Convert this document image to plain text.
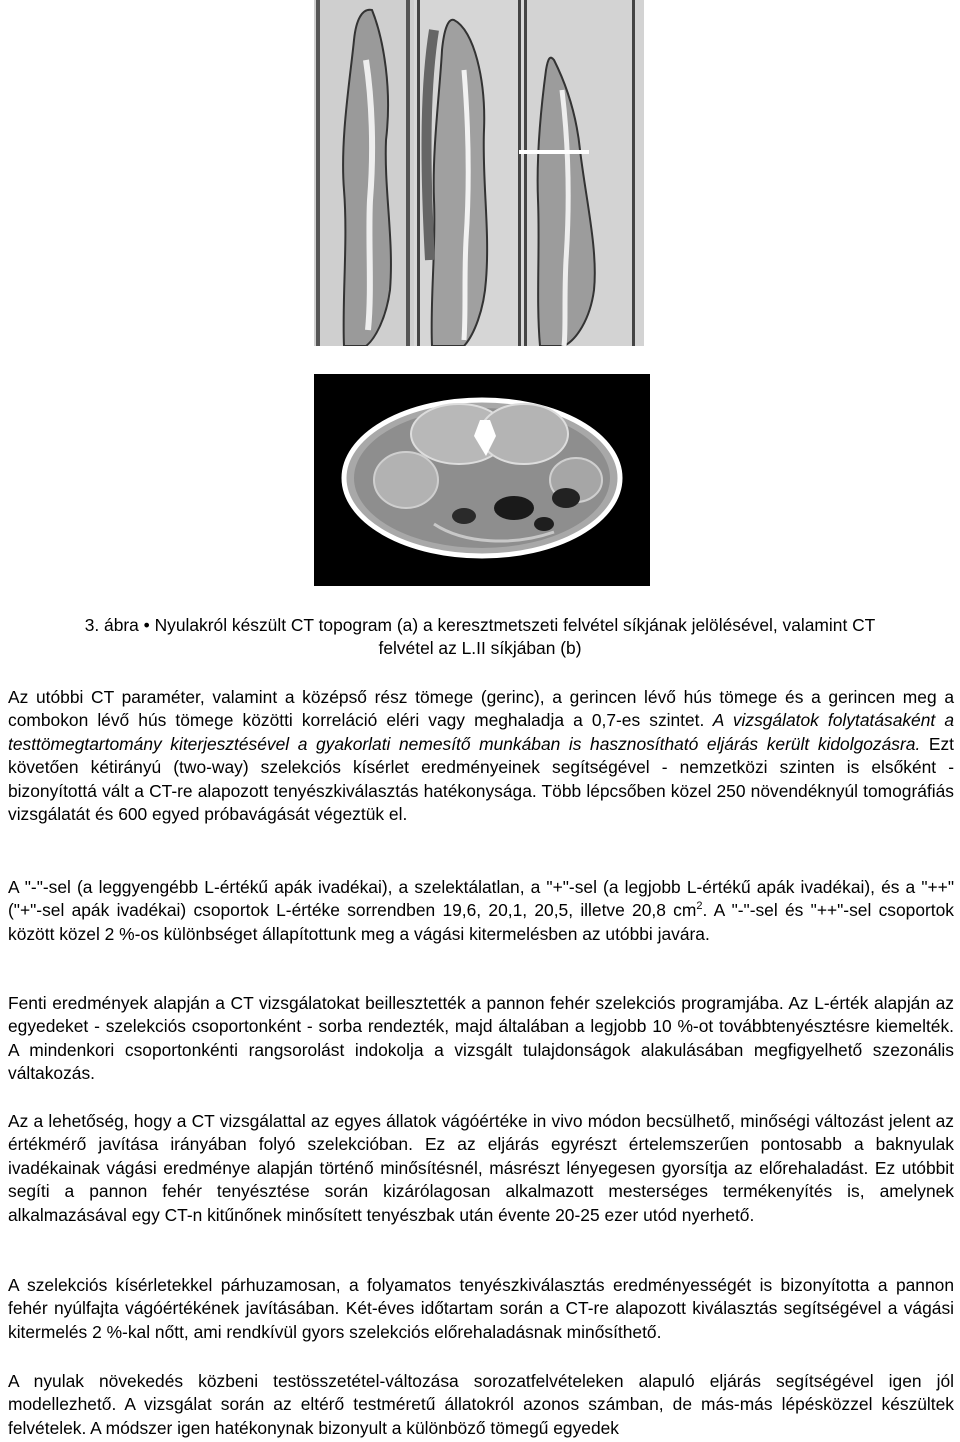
3. ábra • Nyulakról készült CT topogram (a) a keresztmetszeti felvétel síkjának jelölésével, valamint CT
felvétel az L.II síkjában (b)

Az utóbbi CT paraméter, valamint a középső rész tömege (gerinc), a gerincen lévő hús tömege és a gerincen meg a combokon lévő hús tömege közötti korreláció eléri vagy meghaladja a 0,7-es szintet. A vizsgálatok folytatásaként a testtömegtartomány kiterjesztésével a gyakorlati nemesítő munkában is hasznosítható eljárás került kidolgozásra. Ezt követően kétirányú (two-way) szelekciós kísérlet eredményeinek segítségével - nemzetközi szinten is elsőként - bizonyítottá vált a CT-re alapozott tenyészkiválasztás hatékonysága. Több lépcsőben közel 250 növendéknyúl tomográfiás vizsgálatát és 600 egyed próbavágását végeztük el.

A "-"-sel (a leggyengébb L-értékű apák ivadékai), a szelektálatlan, a "+"-sel (a legjobb L-értékű apák ivadékai), és a "++" ("+"-sel apák ivadékai) csoportok L-értéke sorrendben 19,6, 20,1, 20,5, illetve 20,8 $cm^2$. A "-"-sel és "++"-sel csoportok között közel 2 %-os különbséget állapítottunk meg a vágási kitermelésben az utóbbi javára.

Fenti eredmények alapján a CT vizsgálatokat beillesztették a pannon fehér szelekciós programjába. Az L-érték alapján az egyedeket - szelekciós csoportonként - sorba rendezték, majd általában a legjobb 10 %-ot továbbtenyésztésre kiemelték. A mindenkori csoportonkénti rangsorolást indokolja a vizsgált tulajdonságok alakulásában megfigyelhető szezonális váltakozás.

Az a lehetőség, hogy a CT vizsgálattal az egyes állatok vágóértéke in vivo módon becsülhető, minőségi változást jelent az értékmérő javítása irányában folyó szelekcióban. Ez az eljárás egyrészt értelemszerűen pontosabb a baknyulak ivadékainak vágási eredménye alapján történő minősítésnél, másrészt lényegesen gyorsítja az előrehaladást. Ez utóbbit segíti a pannon fehér tenyésztése során kizárólagosan alkalmazott mesterséges termékenyítés is, amelynek alkalmazásával egy CT-n kitűnőnek minősített tenyészbak után évente 20-25 ezer utód nyerhető.

A szelekciós kísérletekkel párhuzamosan, a folyamatos tenyészkiválasztás eredményességét is bizonyította a pannon fehér nyúlfajta vágóértékének javításában. Két-éves időtartam során a CT-re alapozott kiválasztás segítségével a vágási kitermelés 2 %-kal nőtt, ami rendkívül gyors szelekciós előrehaladásnak minősíthető.

A nyulak növekedés közbeni testösszetétel-változása sorozatfelvételeken alapuló eljárás segítségével igen jól modellezhető. A vizsgálat során az eltérő testméretű állatokról azonos számban, de más-más lépésközzel készültek felvételek. A módszer igen hatékonynak bizonyult a különböző tömegű egyedek
